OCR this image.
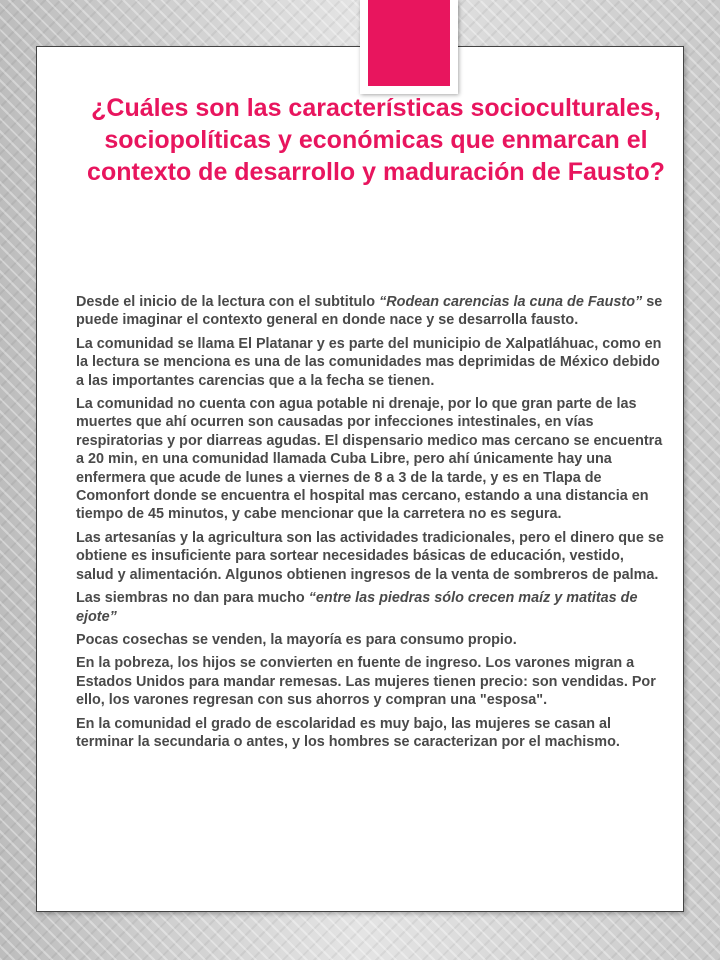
¿Cuáles son las características socioculturales, sociopolíticas y económicas que enmarcan el contexto de desarrollo y maduración de Fausto?

Desde el inicio de la lectura con el subtitulo “Rodean carencias la cuna de Fausto” se puede imaginar el contexto general en donde nace y se desarrolla fausto.

La comunidad se llama El Platanar y es parte del municipio de Xalpatláhuac, como en la lectura se menciona es una de las comunidades mas deprimidas de México debido a las importantes carencias que a la fecha se tienen.

La comunidad no cuenta con agua potable ni drenaje, por lo que gran parte de las muertes que ahí ocurren son causadas por infecciones intestinales, en vías respiratorias y por diarreas agudas. El dispensario medico mas cercano se encuentra a 20 min, en una comunidad llamada Cuba Libre, pero ahí únicamente hay una enfermera que acude de lunes a viernes de 8 a 3 de la tarde, y es en Tlapa de Comonfort donde se encuentra el hospital mas cercano, estando a una distancia en tiempo de 45 minutos, y cabe mencionar que la carretera no es segura.

Las artesanías y la agricultura son las actividades tradicionales, pero el dinero que se obtiene es insuficiente para sortear necesidades básicas de educación, vestido, salud y alimentación. Algunos obtienen ingresos de la venta de sombreros de palma.

Las siembras no dan para mucho “entre las piedras sólo crecen maíz y matitas de ejote”

Pocas cosechas se venden, la mayoría es para consumo propio.

En la pobreza, los hijos se convierten en fuente de ingreso. Los varones migran a Estados Unidos para mandar remesas. Las mujeres tienen precio: son vendidas. Por ello, los varones regresan con sus ahorros y compran una "esposa".

En la comunidad el grado de escolaridad es muy bajo, las mujeres se casan al terminar la secundaria o antes, y los hombres se caracterizan por el machismo.
